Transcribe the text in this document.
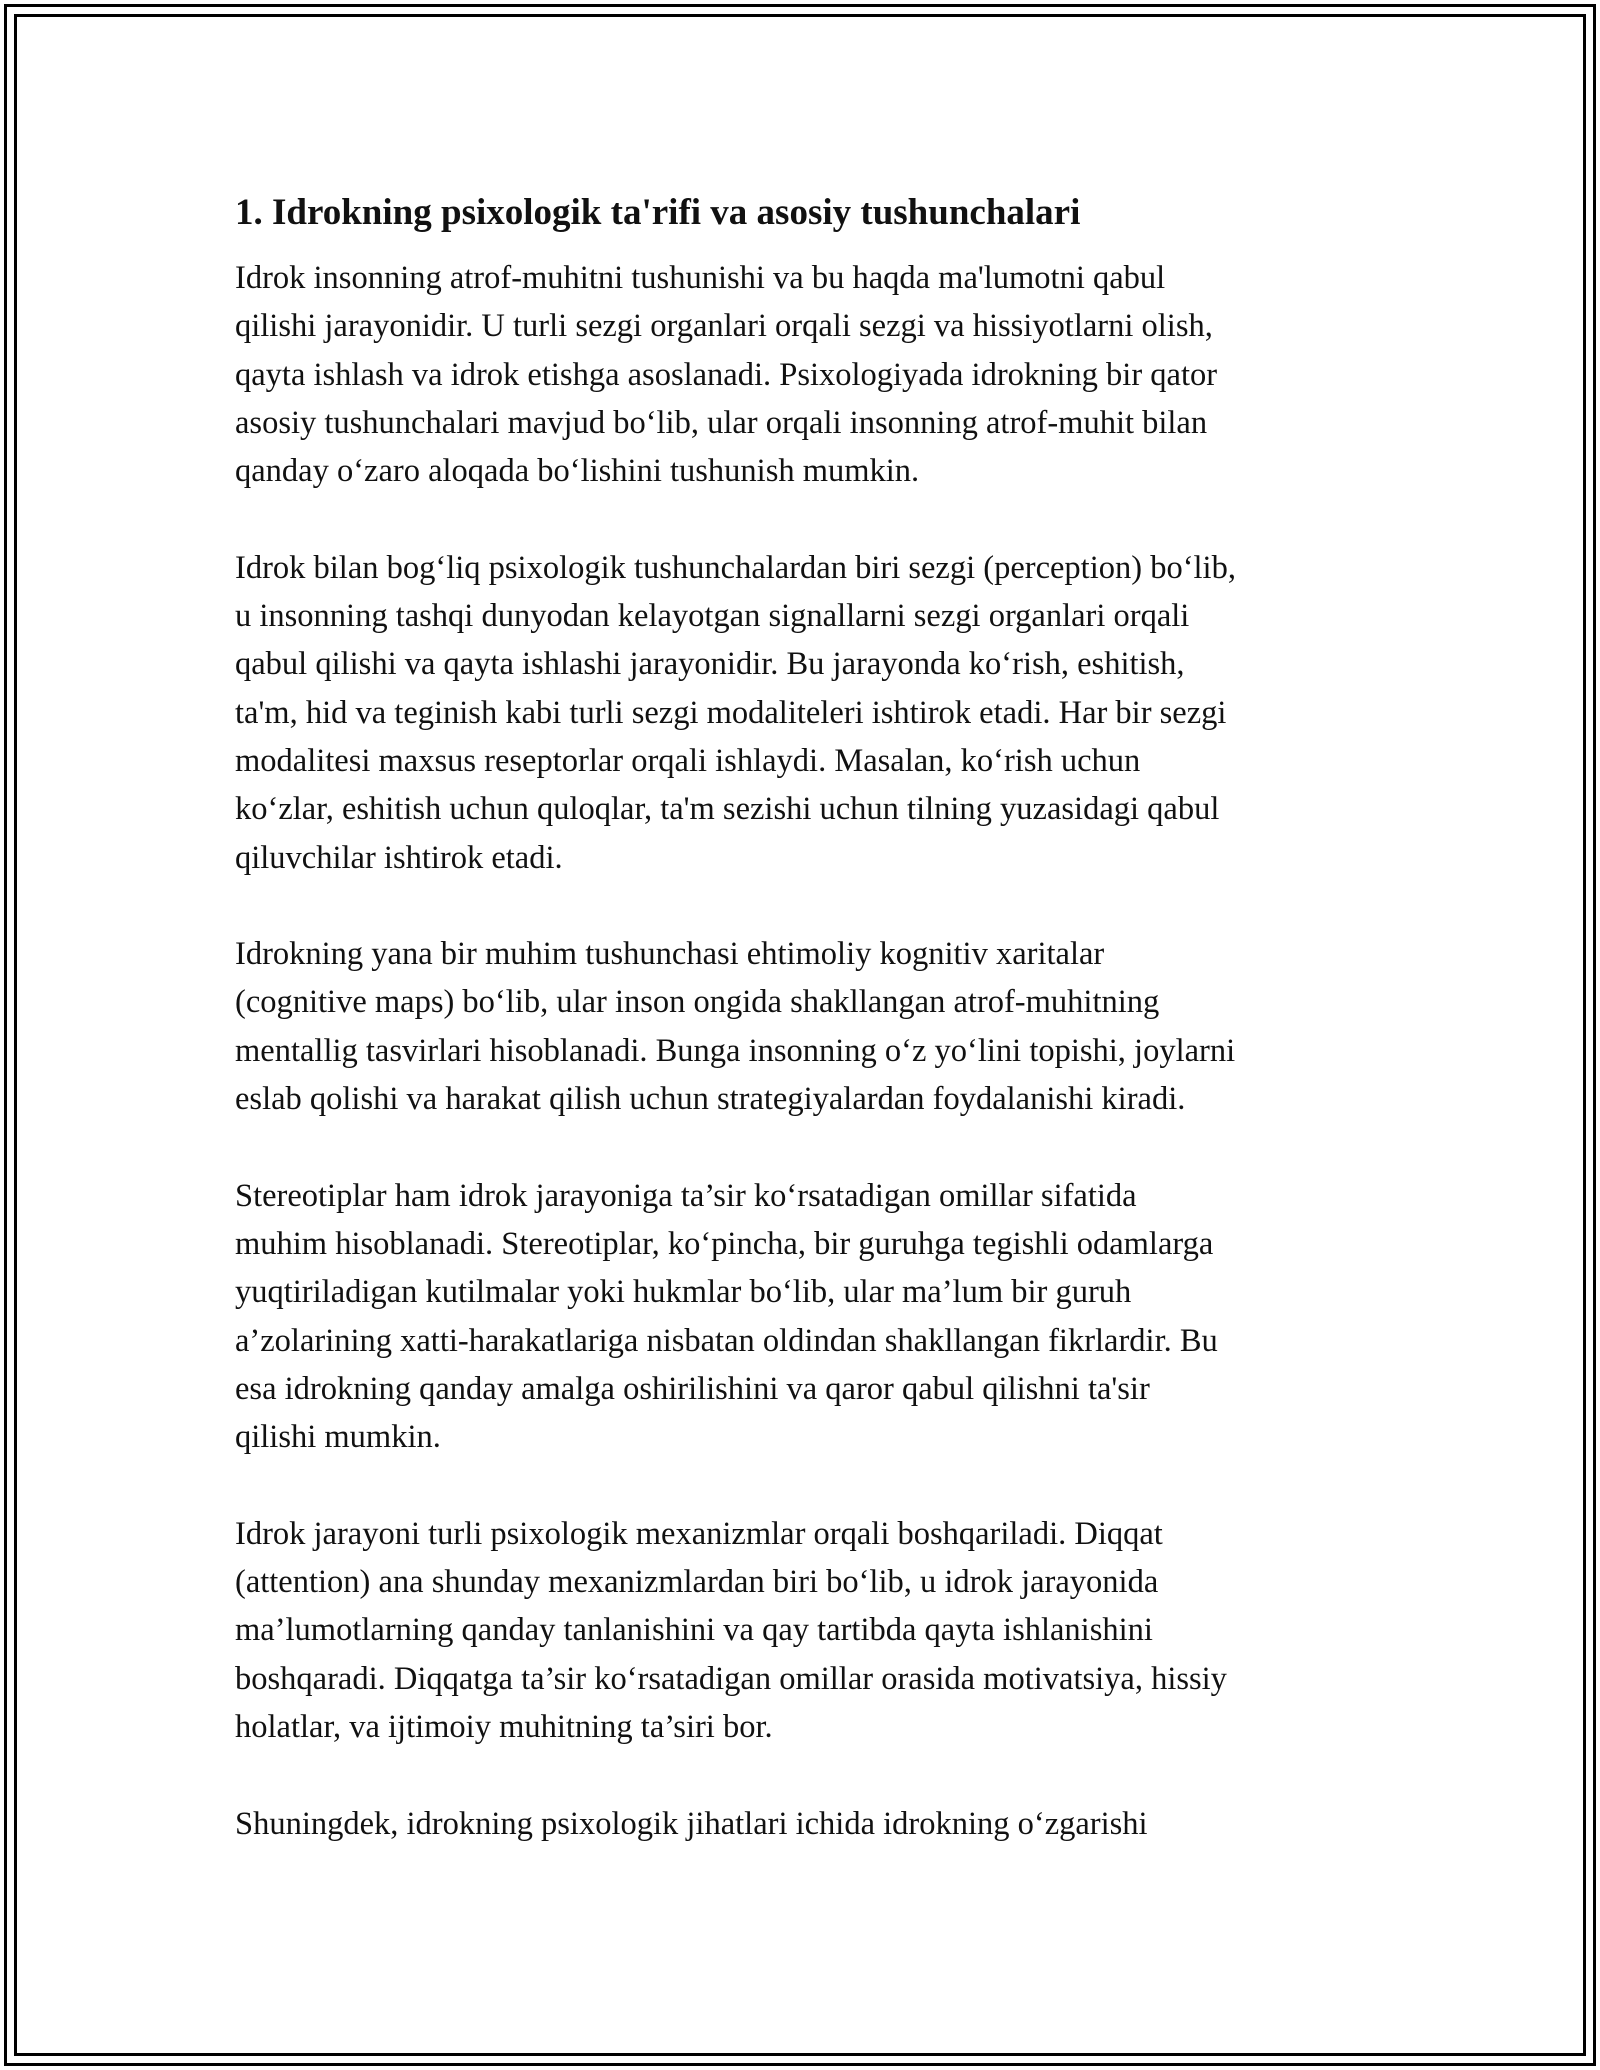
1. Idrokning psixologik ta'rifi va asosiy tushunchalari
Idrok insonning atrof-muhitni tushunishi va bu haqda ma'lumotni qabul
qilishi jarayonidir. U turli sezgi organlari orqali sezgi va hissiyotlarni olish,
qayta ishlash va idrok etishga asoslanadi. Psixologiyada idrokning bir qator
asosiy tushunchalari mavjud bo‘lib, ular orqali insonning atrof-muhit bilan
qanday o‘zaro aloqada bo‘lishini tushunish mumkin.
Idrok bilan bog‘liq psixologik tushunchalardan biri sezgi (perception) bo‘lib,
u insonning tashqi dunyodan kelayotgan signallarni sezgi organlari orqali
qabul qilishi va qayta ishlashi jarayonidir. Bu jarayonda ko‘rish, eshitish,
ta'm, hid va teginish kabi turli sezgi modaliteleri ishtirok etadi. Har bir sezgi
modalitesi maxsus reseptorlar orqali ishlaydi. Masalan, ko‘rish uchun
ko‘zlar, eshitish uchun quloqlar, ta'm sezishi uchun tilning yuzasidagi qabul
qiluvchilar ishtirok etadi.
Idrokning yana bir muhim tushunchasi ehtimoliy kognitiv xaritalar
(cognitive maps) bo‘lib, ular inson ongida shakllangan atrof-muhitning
mentallig tasvirlari hisoblanadi. Bunga insonning o‘z yo‘lini topishi, joylarni
eslab qolishi va harakat qilish uchun strategiyalardan foydalanishi kiradi.
Stereotiplar ham idrok jarayoniga ta’sir ko‘rsatadigan omillar sifatida
muhim hisoblanadi. Stereotiplar, ko‘pincha, bir guruhga tegishli odamlarga
yuqtiriladigan kutilmalar yoki hukmlar bo‘lib, ular ma’lum bir guruh
a’zolarining xatti-harakatlariga nisbatan oldindan shakllangan fikrlardir. Bu
esa idrokning qanday amalga oshirilishini va qaror qabul qilishni ta'sir
qilishi mumkin.
Idrok jarayoni turli psixologik mexanizmlar orqali boshqariladi. Diqqat
(attention) ana shunday mexanizmlardan biri bo‘lib, u idrok jarayonida
ma’lumotlarning qanday tanlanishini va qay tartibda qayta ishlanishini
boshqaradi. Diqqatga ta’sir ko‘rsatadigan omillar orasida motivatsiya, hissiy
holatlar, va ijtimoiy muhitning ta’siri bor.
Shuningdek, idrokning psixologik jihatlari ichida idrokning o‘zgarishi
